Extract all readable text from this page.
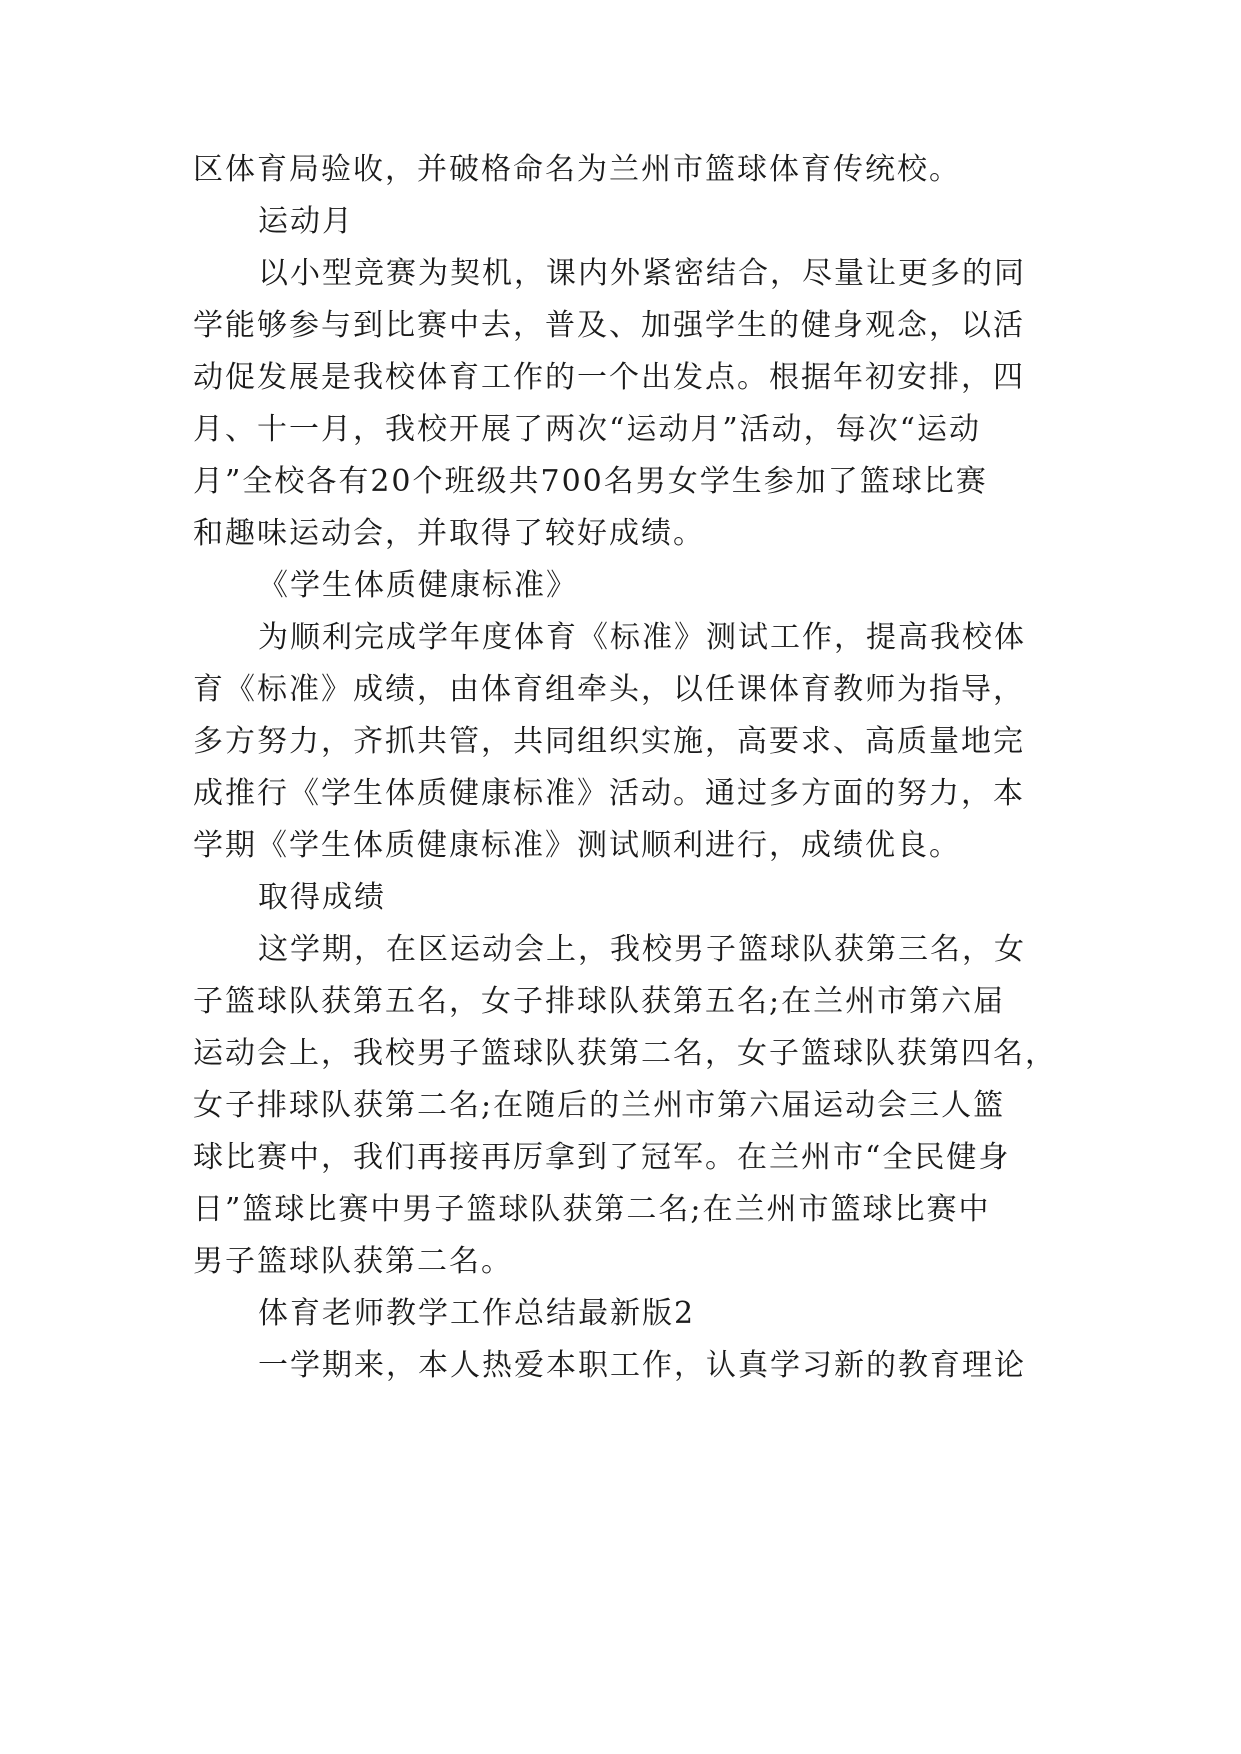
区体育局验收，并破格命名为兰州市篮球体育传统校。
运动月
以小型竞赛为契机，课内外紧密结合，尽量让更多的同
学能够参与到比赛中去，普及、加强学生的健身观念，以活
动促发展是我校体育工作的一个出发点。根据年初安排，四
月、十一月，我校开展了两次“运动月”活动，每次“运动
月”全校各有20个班级共700名男女学生参加了篮球比赛
和趣味运动会，并取得了较好成绩。
《学生体质健康标准》
为顺利完成学年度体育《标准》测试工作，提高我校体
育《标准》成绩，由体育组牵头，以任课体育教师为指导，
多方努力，齐抓共管，共同组织实施，高要求、高质量地完
成推行《学生体质健康标准》活动。通过多方面的努力，本
学期《学生体质健康标准》测试顺利进行，成绩优良。
取得成绩
这学期，在区运动会上，我校男子篮球队获第三名，女
子篮球队获第五名，女子排球队获第五名;在兰州市第六届
运动会上，我校男子篮球队获第二名，女子篮球队获第四名，
女子排球队获第二名;在随后的兰州市第六届运动会三人篮
球比赛中，我们再接再厉拿到了冠军。在兰州市“全民健身
日”篮球比赛中男子篮球队获第二名;在兰州市篮球比赛中
男子篮球队获第二名。
体育老师教学工作总结最新版2
一学期来，本人热爱本职工作，认真学习新的教育理论
